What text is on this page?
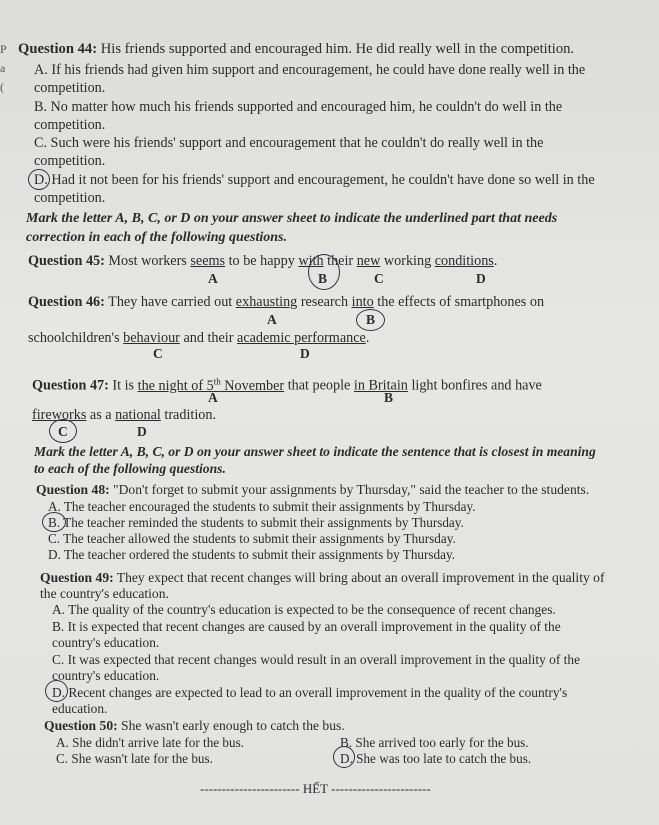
P
a
(
Question 44: His friends supported and encouraged him. He did really well in the competition.
A. If his friends had given him support and encouragement, he could have done really well in the
competition.
B. No matter how much his friends supported and encouraged him, he couldn't do well in the
competition.
C. Such were his friends' support and encouragement that he couldn't do really well in the
competition.
D. Had it not been for his friends' support and encouragement, he couldn't have done so well in the
competition.
Mark the letter A, B, C, or D on your answer sheet to indicate the underlined part that needs
correction in each of the following questions.
Question 45: Most workers seems to be happy with their new working conditions.
A	B	C	D
Question 46: They have carried out exhausting research into the effects of smartphones on
A	B
schoolchildren's behaviour and their academic performance.
C	D
Question 47: It is the night of 5th November that people in Britain light bonfires and have
A	B
fireworks as a national tradition.
C	D
Mark the letter A, B, C, or D on your answer sheet to indicate the sentence that is closest in meaning
to each of the following questions.
Question 48: "Don't forget to submit your assignments by Thursday," said the teacher to the students.
A. The teacher encouraged the students to submit their assignments by Thursday.
B. The teacher reminded the students to submit their assignments by Thursday.
C. The teacher allowed the students to submit their assignments by Thursday.
D. The teacher ordered the students to submit their assignments by Thursday.
Question 49: They expect that recent changes will bring about an overall improvement in the quality of
the country's education.
A. The quality of the country's education is expected to be the consequence of recent changes.
B. It is expected that recent changes are caused by an overall improvement in the quality of the
country's education.
C. It was expected that recent changes would result in an overall improvement in the quality of the
country's education.
D. Recent changes are expected to lead to an overall improvement in the quality of the country's
education.
Question 50: She wasn't early enough to catch the bus.
A. She didn't arrive late for the bus.	B. She arrived too early for the bus.
C. She wasn't late for the bus.	D. She was too late to catch the bus.
----------------------- HẾT -----------------------
